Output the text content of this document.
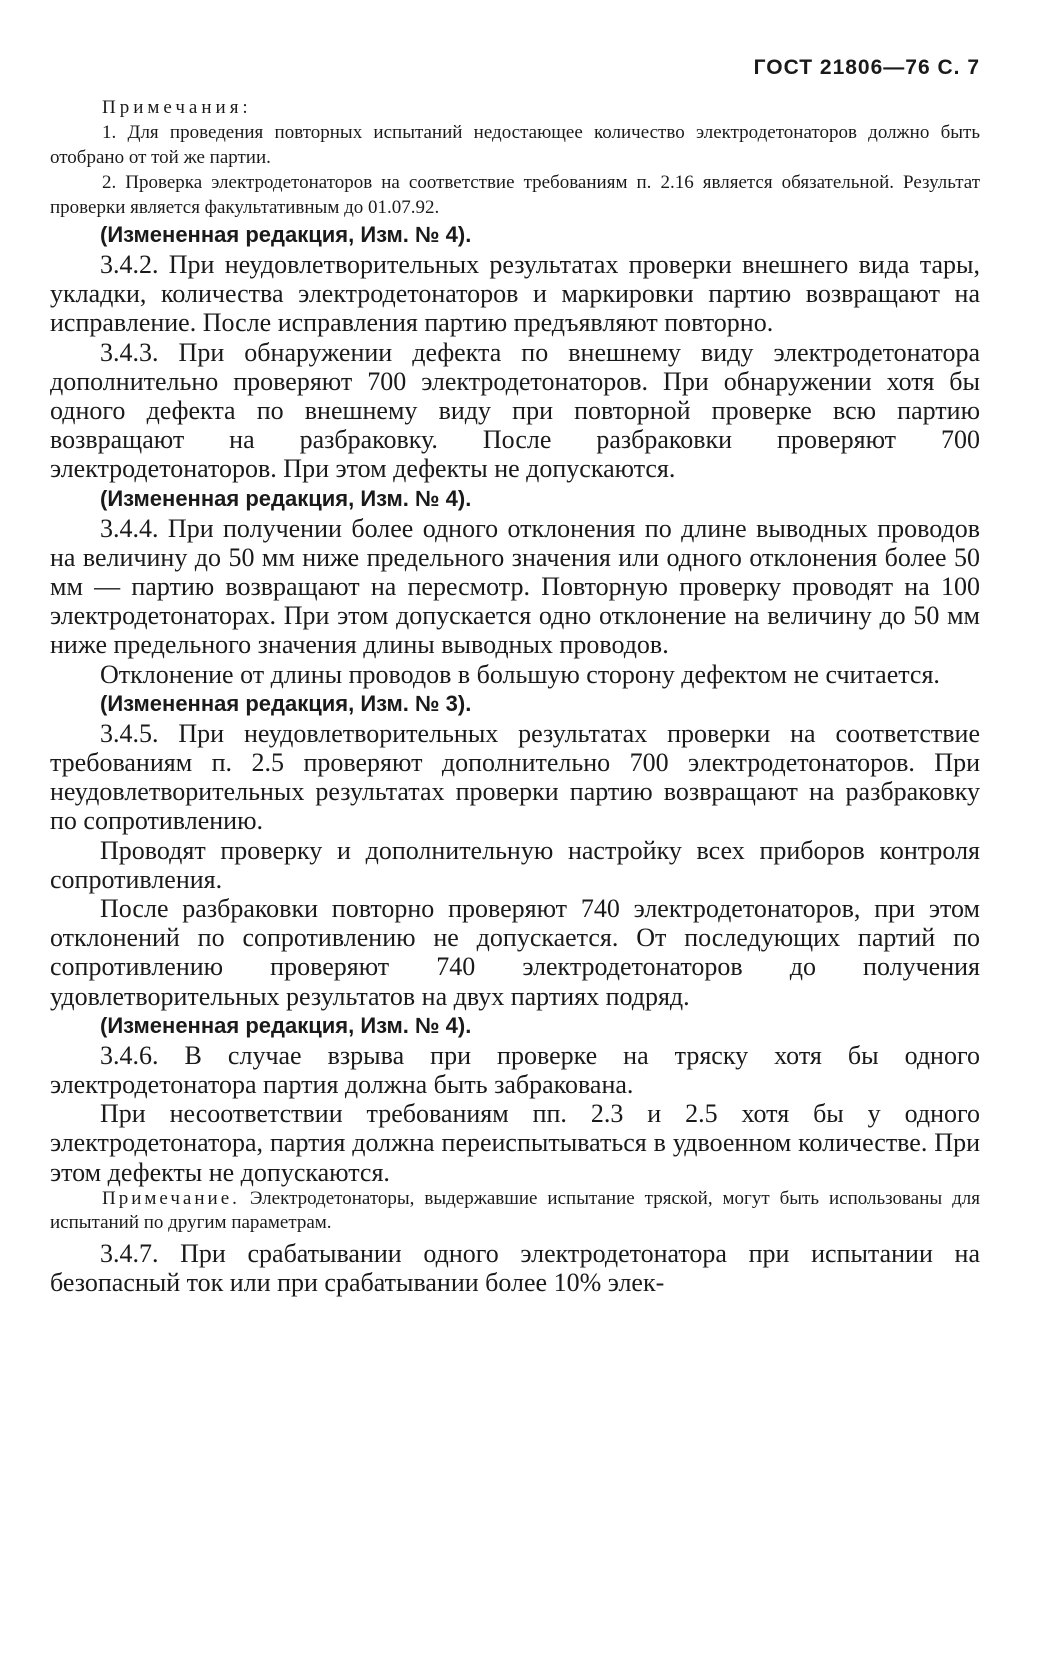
ГОСТ 21806—76 С. 7

Примечания:

1. Для проведения повторных испытаний недостающее количество электродетонаторов должно быть отобрано от той же партии.

2. Проверка электродетонаторов на соответствие требованиям п. 2.16 является обязательной. Результат проверки является факультативным до 01.07.92.

(Измененная редакция, Изм. № 4).

3.4.2. При неудовлетворительных результатах проверки внешнего вида тары, укладки, количества электродетонаторов и маркировки партию возвращают на исправление. После исправления партию предъявляют повторно.

3.4.3. При обнаружении дефекта по внешнему виду электродетонатора дополнительно проверяют 700 электродетонаторов. При обнаружении хотя бы одного дефекта по внешнему виду при повторной проверке всю партию возвращают на разбраковку. После разбраковки проверяют 700 электродетонаторов. При этом дефекты не допускаются.

(Измененная редакция, Изм. № 4).

3.4.4. При получении более одного отклонения по длине выводных проводов на величину до 50 мм ниже предельного значения или одного отклонения более 50 мм — партию возвращают на пересмотр. Повторную проверку проводят на 100 электродетонаторах. При этом допускается одно отклонение на величину до 50 мм ниже предельного значения длины выводных проводов.

Отклонение от длины проводов в большую сторону дефектом не считается.

(Измененная редакция, Изм. № 3).

3.4.5. При неудовлетворительных результатах проверки на соответствие требованиям п. 2.5 проверяют дополнительно 700 электродетонаторов. При неудовлетворительных результатах проверки партию возвращают на разбраковку по сопротивлению.

Проводят проверку и дополнительную настройку всех приборов контроля сопротивления.

После разбраковки повторно проверяют 740 электродетонаторов, при этом отклонений по сопротивлению не допускается. От последующих партий по сопротивлению проверяют 740 электродетонаторов до получения удовлетворительных результатов на двух партиях подряд.

(Измененная редакция, Изм. № 4).

3.4.6. В случае взрыва при проверке на тряску хотя бы одного электродетонатора партия должна быть забракована.

При несоответствии требованиям пп. 2.3 и 2.5 хотя бы у одного электродетонатора, партия должна переиспытываться в удвоенном количестве. При этом дефекты не допускаются.

Примечание. Электродетонаторы, выдержавшие испытание тряской, могут быть использованы для испытаний по другим параметрам.

3.4.7. При срабатывании одного электродетонатора при испытании на безопасный ток или при срабатывании более 10% элек-
